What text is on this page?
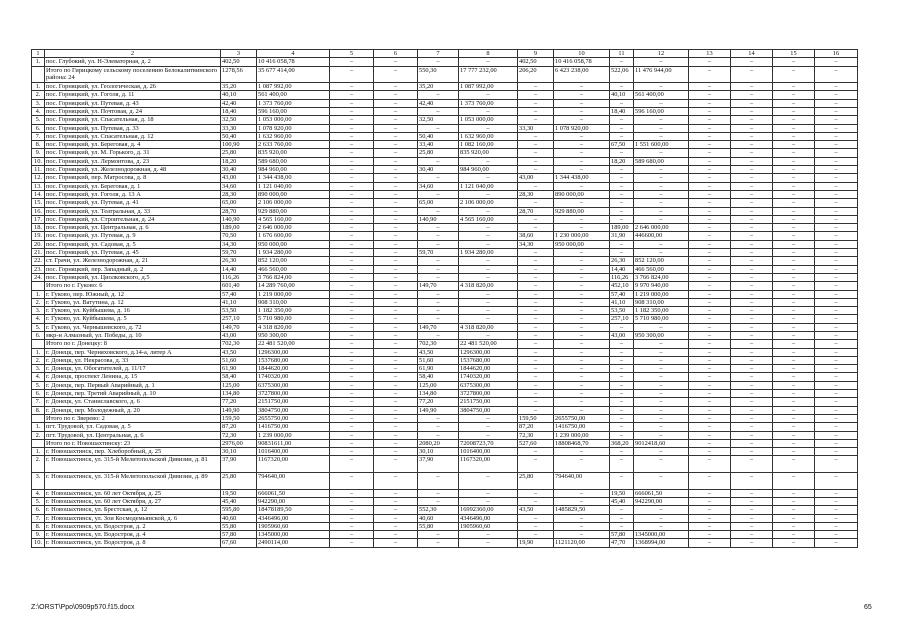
1	2	3	4	5	6	7	8	9	10	11	12	13	14	15	16
1.	пос. Глубокий, ул. Н-Элеваторная, д. 2	402,50	10 416 058,78	–	–	–	–	402,50	10 416 058,78	–	–	–	–	–	–
	Итого по Гирицкому сельскому поселению Белокалитвинского района: 24	1278,56	35 677 414,00	–	–	550,30	17 777 232,00	206,20	6 423 238,00	522,06	11 476 944,00	–	–	–	–
1.	пос. Горняцкий, ул. Геологическая, д. 26	35,20	1 087 992,00	–	–	35,20	1 087 992,00	–	–	–	–	–	–	–	–
2.	пос. Горняцкий, ул. Гоголя, д. 11	40,10	561 400,00	–	–	–	–	–	–	40,10	561 400,00	–	–	–	–
3.	пос. Горняцкий, ул. Путевая, д. 43	42,40	1 373 760,00	–	–	42,40	1 373 760,00	–	–	–	–	–	–	–	–
4.	пос. Горняцкий, ул. Почтовая, д. 24	18,40	596 160,00	–	–	–	–	–	–	18,40	596 160,00	–	–	–	–
5.	пос. Горняцкий, ул. Спасательная, д. 18	32,50	1 053 000,00	–	–	32,50	1 053 000,00	–	–	–	–	–	–	–	–
6.	пос. Горняцкий, ул. Путевая, д. 33	33,30	1 078 920,00	–	–	–	–	33,30	1 078 920,00	–	–	–	–	–	–
7.	пос. Горняцкий, ул. Спасательная, д. 12	50,40	1 632 960,00	–	–	50,40	1 632 960,00	–	–	–	–	–	–	–	–
8.	пос. Горняцкий, ул. Береговая, д. 4	100,90	2 633 760,00	–	–	33,40	1 082 160,00	–	–	67,50	1 551 600,00	–	–	–	–
9.	пос. Горняцкий, ул. М. Горького, д. 31	25,80	835 920,00	–	–	25,80	835 920,00	–	–	–	–	–	–	–	–
10.	пос. Горняцкий, ул. Лермонтова, д. 23	18,20	589 680,00	–	–	–	–	–	–	18,20	589 680,00	–	–	–	–
11.	пос. Горняцкий, ул. Железнодорожная, д. 48	30,40	984 960,00	–	–	30,40	984 960,00	–	–	–	–	–	–	–	–
12.	пос. Горняцкий, пер. Матросова, д. 8	43,00	1 344 438,00	–	–	–	–	43,00	1 344 438,00	–	–	–	–	–	–
13.	пос. Горняцкий, ул. Береговая, д. 1	34,60	1 121 040,00	–	–	34,60	1 121 040,00	–	–	–	–	–	–	–	–
14.	пос. Горняцкий, ул. Гоголя, д. 13 А	28,30	890 000,00	–	–	–	–	28,30	890 000,00	–	–	–	–	–	–
15.	пос. Горняцкий, ул. Путевая, д. 41	65,00	2 106 000,00	–	–	65,00	2 106 000,00	–	–	–	–	–	–	–	–
16.	пос. Горняцкий, ул. Театральная, д. 33	28,70	929 880,00	–	–	–	–	28,70	929 880,00	–	–	–	–	–	–
17.	пос. Горняцкий, ул. Строительная, д. 24	140,90	4 565 160,00	–	–	140,90	4 565 160,00	–	–	–	–	–	–	–	–
18.	пос. Горняцкий, ул. Центральная, д. 6	189,00	2 646 000,00	–	–	–	–	–	–	189,00	2 646 000,00	–	–	–	–
19.	пос. Горняцкий, ул. Путевая, д. 9	70,50	1 676 600,00	–	–	–	–	38,60	1 230 000,00	31,90	446600,00	–	–	–	–
20.	пос. Горняцкий, ул. Садовая, д. 5	34,30	950 000,00	–	–	–	–	34,30	950 000,00	–	–	–	–	–	–
21.	пос. Горняцкий, ул. Путевая, д. 45	59,70	1 934 280,00	–	–	59,70	1 934 280,00	–	–	–	–	–	–	–	–
22.	ст. Грачи, ул. Железнодорожная, д. 21	26,30	852 120,00	–	–	–	–	–	–	26,30	852 120,00	–	–	–	–
23.	пос. Горняцкий, пер. Западный, д. 2	14,40	466 560,00	–	–	–	–	–	–	14,40	466 560,00	–	–	–	–
24.	пос. Горняцкий, ул. Циолковского, д.5	116,26	3 766 824,00	–	–	–	–	–	–	116,26	3 766 824,00	–	–	–	–
	Итого по г. Гуково: 6	601,40	14 289 760,00	–	–	149,70	4 318 820,00	–	–	452,10	9 970 940,00	–	–	–	–
1.	г. Гуково, пер. Южный, д. 12	57,40	1 219 000,00	–	–	–	–	–	–	57,40	1 219 000,00	–	–	–	–
2.	г. Гуково, ул. Ватутина, д. 12	41,10	908 310,00	–	–	–	–	–	–	41,10	908 310,00	–	–	–	–
3.	г. Гуково, ул. Куйбышева, д. 16	53,50	1 182 350,00	–	–	–	–	–	–	53,50	1 182 350,00	–	–	–	–
4.	г. Гуково, ул. Куйбышева, д. 5	257,10	5 710 980,00	–	–	–	–	–	–	257,10	5 710 980,00	–	–	–	–
5.	г. Гуково, ул. Чернышевского, д. 72	149,70	4 318 820,00	–	–	149,70	4 318 820,00	–	–	–	–	–	–	–	–
6.	мкр-н Алмазный, ул. Победы, д. 10	43,00	950 300,00	–	–	–	–	–	–	43,00	950 300,00	–	–	–	–
	Итого по г. Донецку: 8	702,30	22 481 520,00	–	–	702,30	22 481 520,00	–	–	–	–	–	–	–	–
1.	г. Донецк, пер. Черняховского, д.14-а, литер А	43,50	1296300,00	–	–	43,50	1296300,00	–	–	–	–	–	–	–	–
2.	г. Донецк, ул. Некрасова, д. 33	51,60	1537680,00	–	–	51,60	1537680,00	–	–	–	–	–	–	–	–
3.	г. Донецк, ул. Обогатителей, д. 11/17	61,90	1844620,00	–	–	61,90	1844620,00	–	–	–	–	–	–	–	–
4.	г. Донецк, проспект Ленина, д. 15	58,40	1740320,00	–	–	58,40	1740320,00	–	–	–	–	–	–	–	–
5.	г. Донецк, пер. Первый Аварийный, д. 1	125,00	6375300,00	–	–	125,00	6375300,00	–	–	–	–	–	–	–	–
6.	г. Донецк, пер. Третий Аварийный, д. 10	134,80	3727800,00	–	–	134,80	3727800,00	–	–	–	–	–	–	–	–
7.	г. Донецк, ул. Станиславского, д. 6	77,20	2151750,00	–	–	77,20	2151750,00	–	–	–	–	–	–	–	–
8.	г. Донецк, пер. Молодежный, д. 20	149,90	3804750,00	–	–	149,90	3804750,00	–	–	–	–	–	–	–	–
	Итого по г. Зверево: 2	159,50	2655750,00	–	–	–	–	159,50	2655750,00	–	–	–	–	–	–
1.	пгт. Трудовой, ул. Садовая, д. 5	87,20	1416750,00	–	–	–	–	87,20	1416750,00	–	–	–	–	–	–
2.	пгт. Трудовой, ул. Центральная, д. 6	72,30	1 239 000,00	–	–	–	–	72,30	1 239 000,00	–	–	–	–	–	–
	Итого по г. Новошахтинску: 23	2976,00	90831611,00	–	–	2080,20	72008723,70	527,60	18808468,70	368,20	9012418,60	–	–	–	–
1.	г. Новошахтинск, пер. Хлеборобный, д. 25	30,10	1016400,00	–	–	30,10	1016400,00	–	–	–	–	–	–	–	–
2.	г. Новошахтинск, ул. 315-й Мелитопольской Дивизии, д. 81	37,90	1167320,00	–	–	37,90	1167320,00	–	–	–	–	–	–	–	–
3.	г. Новошахтинск, ул. 315-й Мелитопольской Дивизии, д. 89	25,80	794640,00	–	–	–	–	25,80	794640,00	–	–	–	–	–	–
4.	г. Новошахтинск, ул. 60 лет Октября, д. 25	19,50	666061,50	–	–	–	–	–	–	19,50	666061,50	–	–	–	–
5.	г. Новошахтинск, ул. 60 лет Октября, д. 27	45,40	942290,00	–	–	–	–	–	–	45,40	942290,00	–	–	–	–
6.	г. Новошахтинск, ул. Брестская, д. 12	595,80	18478189,50	–	–	552,30	16992360,00	43,50	1485829,50	–	–	–	–	–	–
7.	г. Новошахтинск, ул. Зои Космодемьянской, д. 6	40,60	4346496,00	–	–	40,60	4346496,00	–	–	–	–	–	–	–	–
8.	г. Новошахтинск, ул. Водостроя, д. 2	55,80	1905960,60	–	–	55,80	1905960,60	–	–	–	–	–	–	–	–
9.	г. Новошахтинск, ул. Водостроя, д. 4	57,80	1345000,00	–	–	–	–	–	–	57,80	1345000,00	–	–	–	–
10.	г. Новошахтинск, ул. Водостроя, д. 8	67,60	2490114,00	–	–	–	–	19,90	1121120,00	47,70	1368994,00	–	–	–	–
Z:\ORST\Ppo\0909p570.f15.docx	65
